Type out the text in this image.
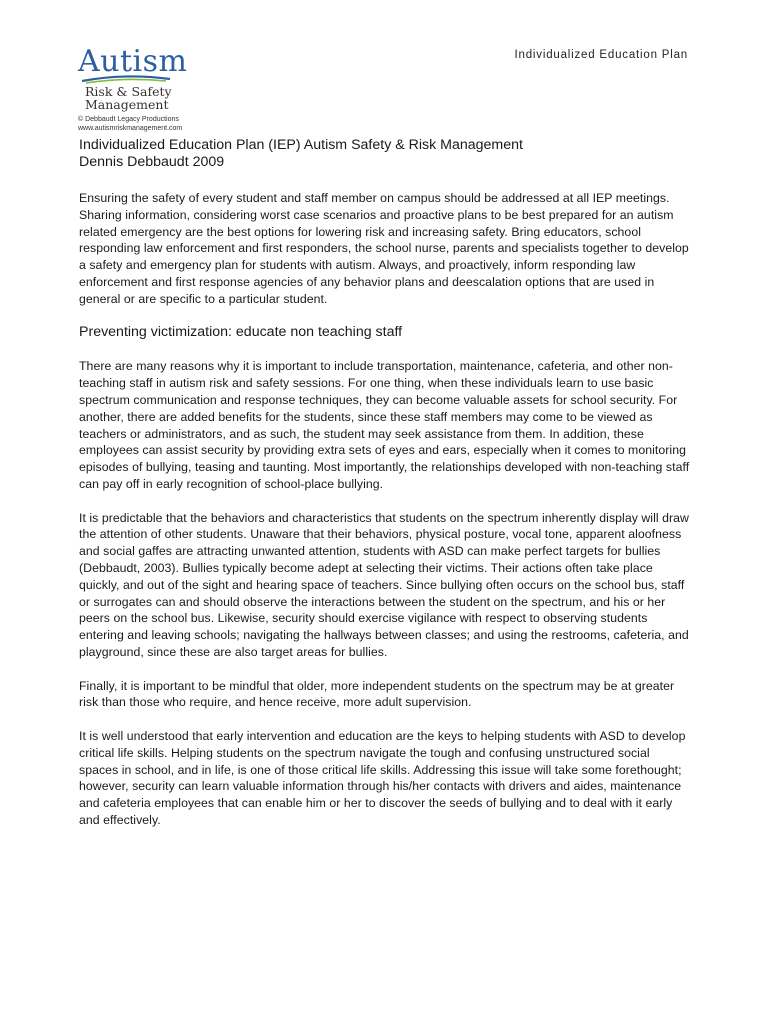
Autism
Risk & Safety
Management
© Debbaudt Legacy Productions
www.autismriskmanagement.com
Individualized Education Plan
Individualized Education Plan (IEP) Autism Safety & Risk Management
Dennis Debbaudt 2009

Ensuring the safety of every student and staff member on campus should be addressed at all IEP meetings. Sharing information, considering worst case scenarios and proactive plans to be best prepared for an autism related emergency are the best options for lowering risk and increasing safety. Bring educators, school responding law enforcement and first responders, the school nurse, parents and specialists together to develop a safety and emergency plan for students with autism. Always, and proactively, inform responding law enforcement and first response agencies of any behavior plans and deescalation options that are used in general or are specific to a particular student.

Preventing victimization: educate non teaching staff

There are many reasons why it is important to include transportation, maintenance, cafeteria, and other non-teaching staff in autism risk and safety sessions. For one thing, when these individuals learn to use basic spectrum communication and response techniques, they can become valuable assets for school security. For another, there are added benefits for the students, since these staff members may come to be viewed as teachers or administrators, and as such, the student may seek assistance from them. In addition, these employees can assist security by providing extra sets of eyes and ears, especially when it comes to monitoring episodes of bullying, teasing and taunting. Most importantly, the relationships developed with non-teaching staff can pay off in early recognition of school-place bullying.

It is predictable that the behaviors and characteristics that students on the spectrum inherently display will draw the attention of other students. Unaware that their behaviors, physical posture, vocal tone, apparent aloofness and social gaffes are attracting unwanted attention, students with ASD can make perfect targets for bullies (Debbaudt, 2003). Bullies typically become adept at selecting their victims. Their actions often take place quickly, and out of the sight and hearing space of teachers. Since bullying often occurs on the school bus, staff or surrogates can and should observe the interactions between the student on the spectrum, and his or her peers on the school bus. Likewise, security should exercise vigilance with respect to observing students entering and leaving schools; navigating the hallways between classes; and using the restrooms, cafeteria, and playground, since these are also target areas for bullies.

Finally, it is important to be mindful that older, more independent students on the spectrum may be at greater risk than those who require, and hence receive, more adult supervision.

It is well understood that early intervention and education are the keys to helping students with ASD to develop critical life skills. Helping students on the spectrum navigate the tough and confusing unstructured social spaces in school, and in life, is one of those critical life skills. Addressing this issue will take some forethought; however, security can learn valuable information through his/her contacts with drivers and aides, maintenance and cafeteria employees that can enable him or her to discover the seeds of bullying and to deal with it early and effectively.
